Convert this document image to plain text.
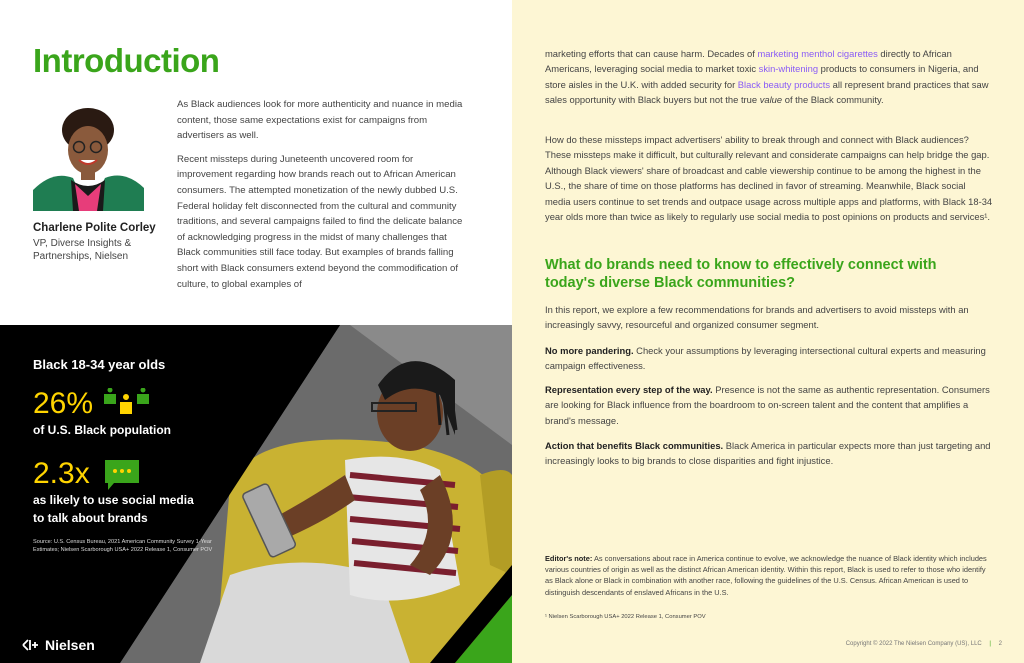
Introduction
Charlene Polite Corley
VP, Diverse Insights & Partnerships, Nielsen

As Black audiences look for more authenticity and nuance in media content, those same expectations exist for campaigns from advertisers as well.

Recent missteps during Juneteenth uncovered room for improvement regarding how brands reach out to African American consumers. The attempted monetization of the newly dubbed U.S. Federal holiday felt disconnected from the cultural and community traditions, and several campaigns failed to find the delicate balance of acknowledging progress in the midst of many challenges that Black communities still face today. But examples of brands falling short with Black consumers extend beyond the commodification of culture, to global examples of

Black 18-34 year olds
26%
of U.S. Black population
2.3x
as likely to use social media
to talk about brands
Source: U.S. Census Bureau, 2021 American Community Survey 1-Year Estimates; Nielsen Scarborough USA+ 2022 Release 1, Consumer POV
Nielsen

marketing efforts that can cause harm. Decades of marketing menthol cigarettes directly to African Americans, leveraging social media to market toxic skin-whitening products to consumers in Nigeria, and store aisles in the U.K. with added security for Black beauty products all represent brand practices that saw sales opportunity with Black buyers but not the true value of the Black community.

How do these missteps impact advertisers' ability to break through and connect with Black audiences? These missteps make it difficult, but culturally relevant and considerate campaigns can help bridge the gap. Although Black viewers' share of broadcast and cable viewership continue to be among the highest in the U.S., the share of time on those platforms has declined in favor of streaming. Meanwhile, Black social media users continue to set trends and outpace usage across multiple apps and platforms, with Black 18-34 year olds more than twice as likely to regularly use social media to post opinions on products and services¹.
What do brands need to know to effectively connect with today's diverse Black communities?
In this report, we explore a few recommendations for brands and advertisers to avoid missteps with an increasingly savvy, resourceful and organized consumer segment.
No more pandering. Check your assumptions by leveraging intersectional cultural experts and measuring campaign effectiveness.
Representation every step of the way. Presence is not the same as authentic representation. Consumers are looking for Black influence from the boardroom to on-screen talent and the content that amplifies a brand's message.
Action that benefits Black communities. Black America in particular expects more than just targeting and increasingly looks to big brands to close disparities and fight injustice.
Editor's note: As conversations about race in America continue to evolve, we acknowledge the nuance of Black identity which includes various countries of origin as well as the distinct African American identity. Within this report, Black is used to refer to those who identify as Black alone or Black in combination with another race, following the guidelines of the U.S. Census. African American is used to distinguish descendants of enslaved Africans in the U.S.
¹ Nielsen Scarborough USA+ 2022 Release 1, Consumer POV
Copyright © 2022 The Nielsen Company (US), LLC | 2
